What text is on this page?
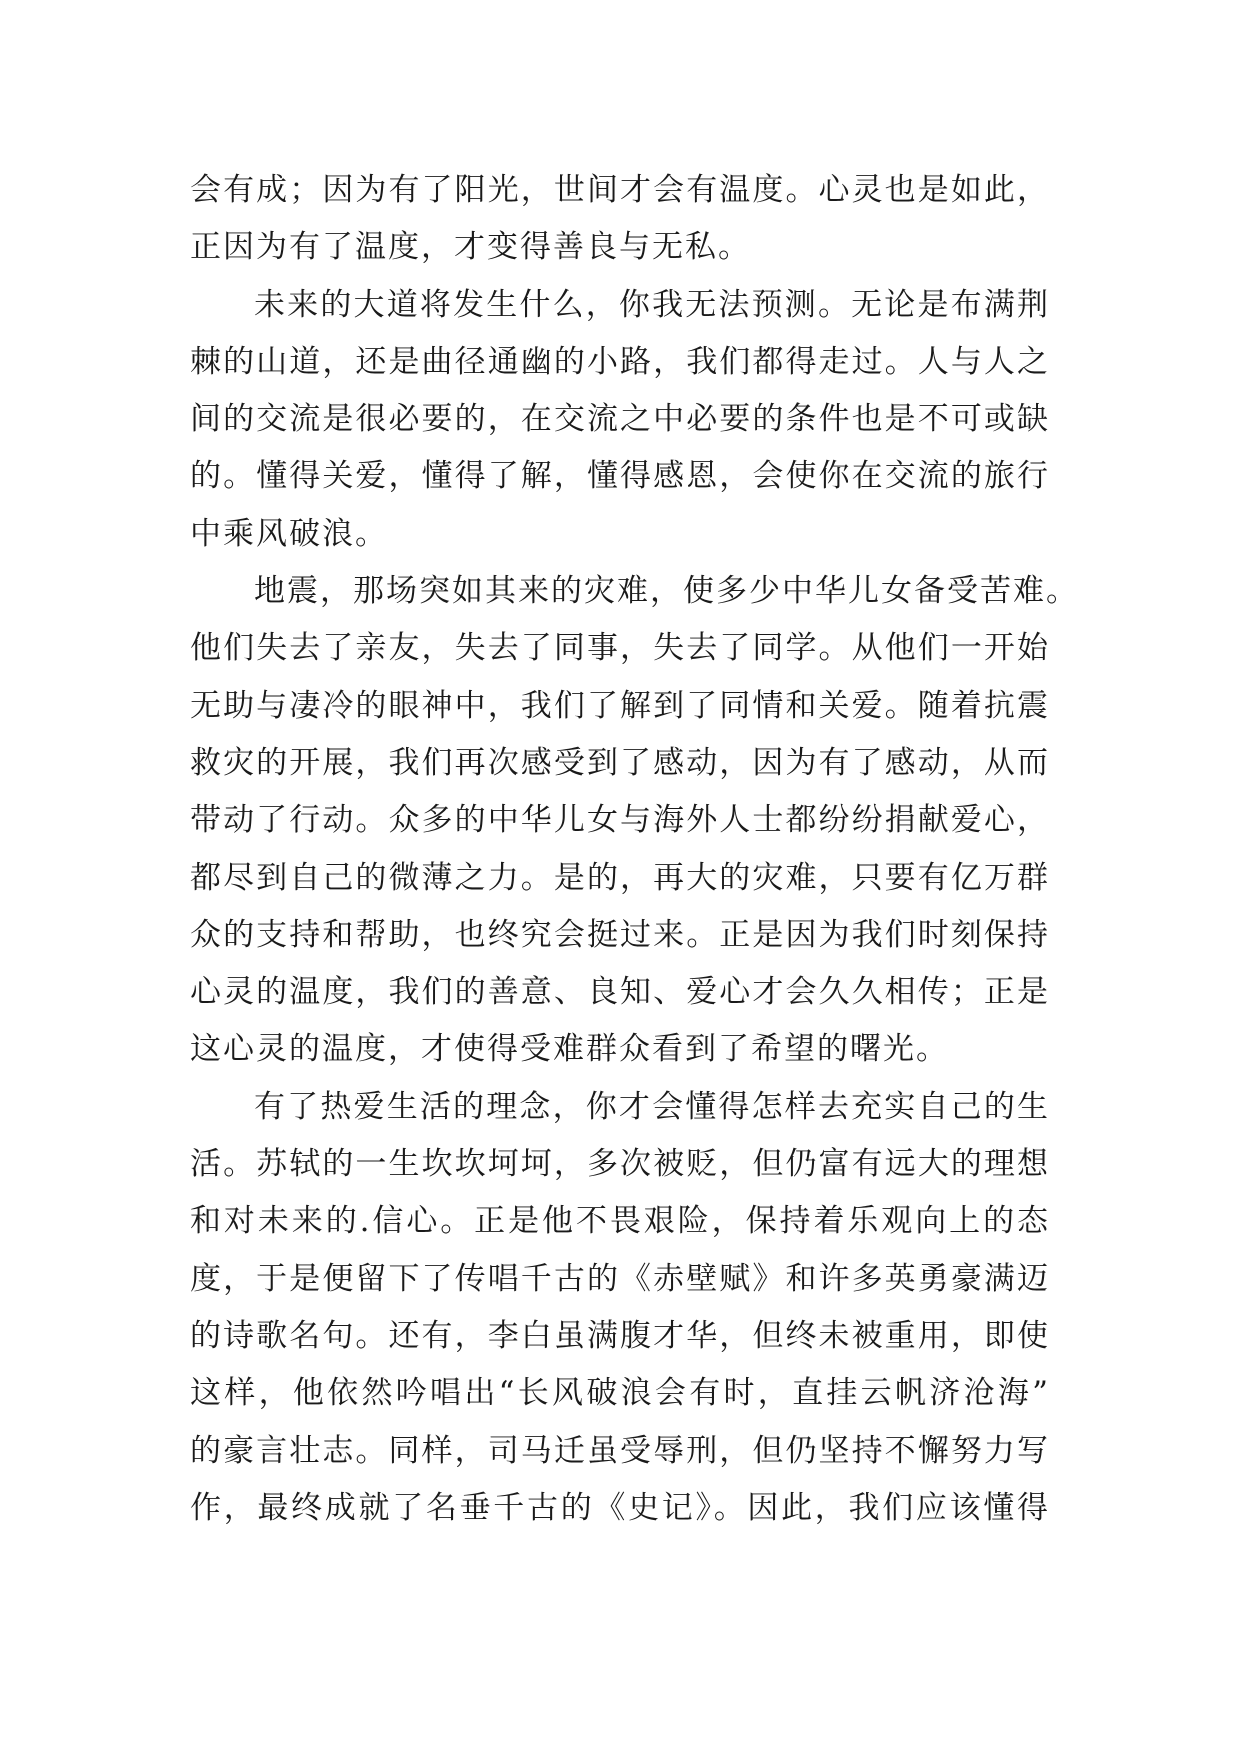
会有成；因为有了阳光，世间才会有温度。心灵也是如此，
正因为有了温度，才变得善良与无私。
未来的大道将发生什么，你我无法预测。无论是布满荆
棘的山道，还是曲径通幽的小路，我们都得走过。人与人之
间的交流是很必要的，在交流之中必要的条件也是不可或缺
的。懂得关爱，懂得了解，懂得感恩，会使你在交流的旅行
中乘风破浪。
地震，那场突如其来的灾难，使多少中华儿女备受苦难。
他们失去了亲友，失去了同事，失去了同学。从他们一开始
无助与凄冷的眼神中，我们了解到了同情和关爱。随着抗震
救灾的开展，我们再次感受到了感动，因为有了感动，从而
带动了行动。众多的中华儿女与海外人士都纷纷捐献爱心，
都尽到自己的微薄之力。是的，再大的灾难，只要有亿万群
众的支持和帮助，也终究会挺过来。正是因为我们时刻保持
心灵的温度，我们的善意、良知、爱心才会久久相传；正是
这心灵的温度，才使得受难群众看到了希望的曙光。
有了热爱生活的理念，你才会懂得怎样去充实自己的生
活。苏轼的一生坎坎坷坷，多次被贬，但仍富有远大的理想
和对未来的.信心。正是他不畏艰险，保持着乐观向上的态
度，于是便留下了传唱千古的《赤壁赋》和许多英勇豪满迈
的诗歌名句。还有，李白虽满腹才华，但终未被重用，即使
这样，他依然吟唱出“长风破浪会有时，直挂云帆济沧海”
的豪言壮志。同样，司马迁虽受辱刑，但仍坚持不懈努力写
作，最终成就了名垂千古的《史记》。因此，我们应该懂得
